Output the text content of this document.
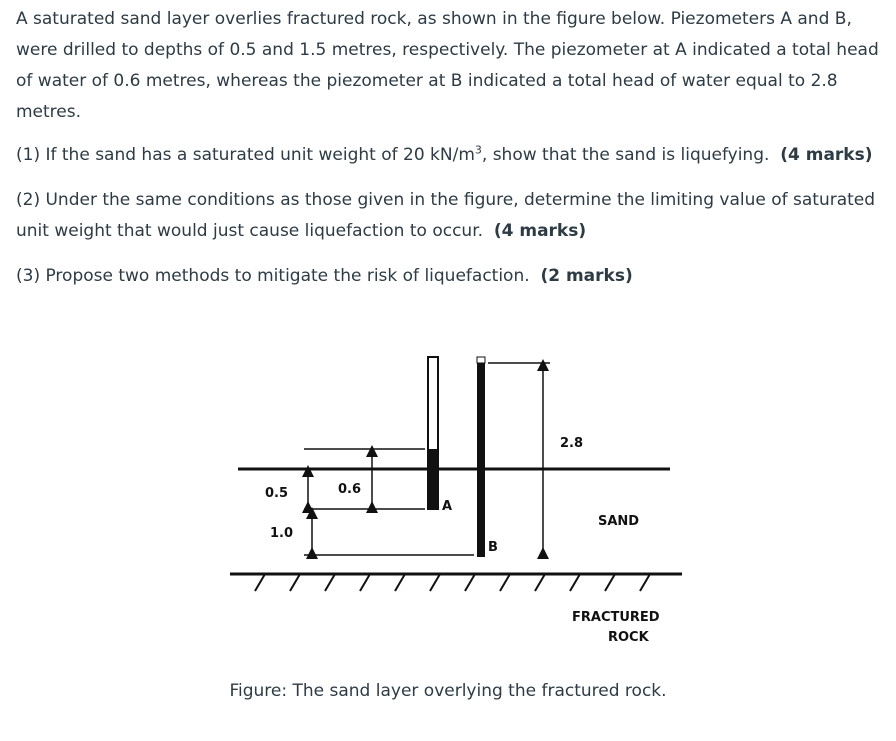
A saturated sand layer overlies fractured rock, as shown in the figure below. Piezometers A and B, were drilled to depths of 0.5 and 1.5 metres, respectively. The piezometer at A indicated a total head of water of 0.6 metres, whereas the piezometer at B indicated a total head of water equal to 2.8 metres.

(1) If the sand has a saturated unit weight of 20 $kN/m^3$, show that the sand is liquefying. (4 marks)

(2) Under the same conditions as those given in the figure, determine the limiting value of saturated unit weight that would just cause liquefaction to occur. (4 marks)

(3) Propose two methods to mitigate the risk of liquefaction. (2 marks)

0.5
1.0
0.6
2.8
A
B
SAND
FRACTURED
ROCK

Figure: The sand layer overlying the fractured rock.
